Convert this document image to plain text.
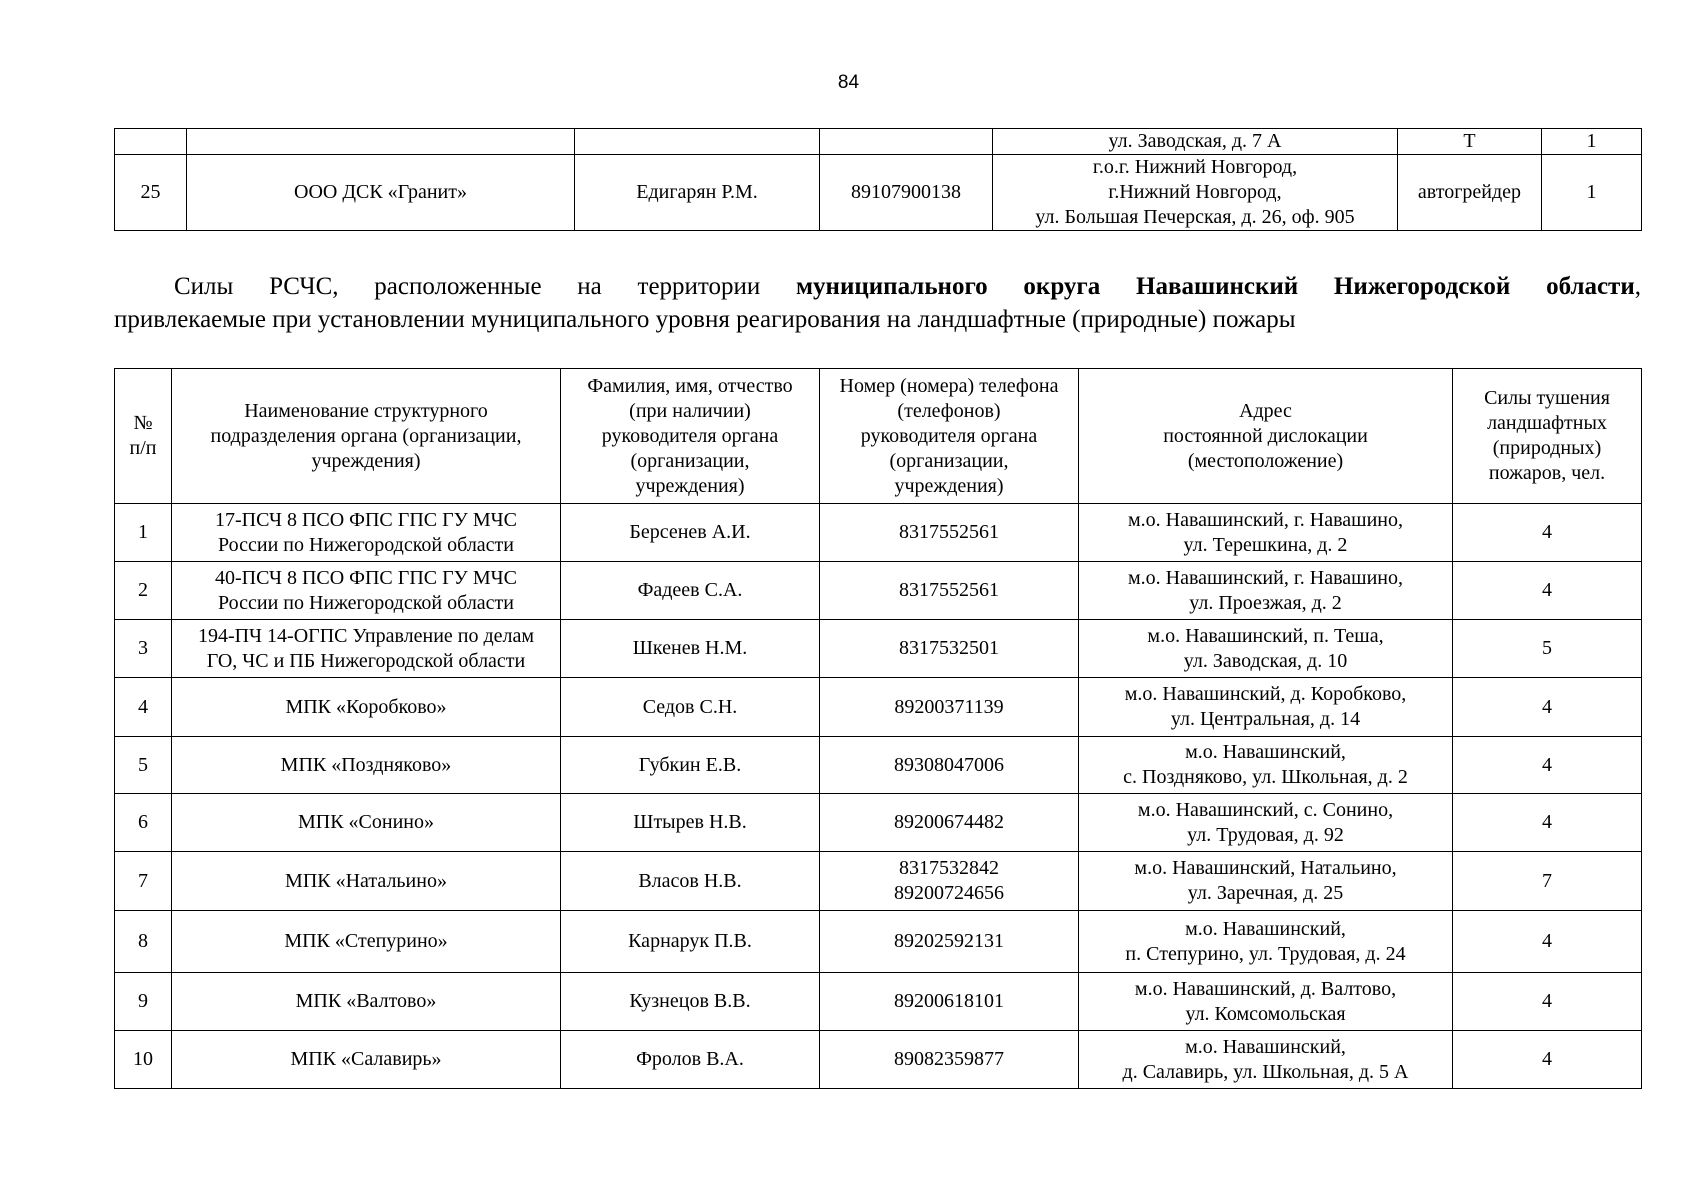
84
				ул. Заводская, д. 7 А	Т	1
25	ООО ДСК «Гранит»	Едигарян Р.М.	89107900138	г.о.г. Нижний Новгород,
г.Нижний Новгород,
ул. Большая Печерская, д. 26, оф. 905	автогрейдер	1

Силы РСЧС, расположенные на территории муниципального округа Навашинский Нижегородской области,

привлекаемые при установлении муниципального уровня реагирования на ландшафтные (природные) пожары

№
п/п	Наименование структурного
подразделения органа (организации,
учреждения)	Фамилия, имя, отчество
(при наличии)
руководителя органа
(организации,
учреждения)	Номер (номера) телефона
(телефонов)
руководителя органа
(организации,
учреждения)	Адрес
постоянной дислокации
(местоположение)	Силы тушения
ландшафтных
(природных)
пожаров, чел.
1	17-ПСЧ 8 ПСО ФПС ГПС ГУ МЧС
России по Нижегородской области	Берсенев А.И.	8317552561	м.о. Навашинский, г. Навашино,
ул. Терешкина, д. 2	4
2	40-ПСЧ 8 ПСО ФПС ГПС ГУ МЧС
России по Нижегородской области	Фадеев С.А.	8317552561	м.о. Навашинский, г. Навашино,
ул. Проезжая, д. 2	4
3	194-ПЧ 14-ОГПС Управление по делам
ГО, ЧС и ПБ Нижегородской области	Шкенев Н.М.	8317532501	м.о. Навашинский, п. Теша,
ул. Заводская, д. 10	5
4	МПК «Коробково»	Седов С.Н.	89200371139	м.о. Навашинский, д. Коробково,
ул. Центральная, д. 14	4
5	МПК «Поздняково»	Губкин Е.В.	89308047006	м.о. Навашинский,
с. Поздняково, ул. Школьная, д. 2	4
6	МПК «Сонино»	Штырев Н.В.	89200674482	м.о. Навашинский, с. Сонино,
ул. Трудовая, д. 92	4
7	МПК «Натальино»	Власов Н.В.	8317532842
89200724656	м.о. Навашинский, Натальино,
ул. Заречная, д. 25	7
8	МПК «Степурино»	Карнарук П.В.	89202592131	м.о. Навашинский,
п. Степурино, ул. Трудовая, д. 24	4
9	МПК «Валтово»	Кузнецов В.В.	89200618101	м.о. Навашинский, д. Валтово,
ул. Комсомольская	4
10	МПК «Салавирь»	Фролов В.А.	89082359877	м.о. Навашинский,
д. Салавирь, ул. Школьная, д. 5 А	4
